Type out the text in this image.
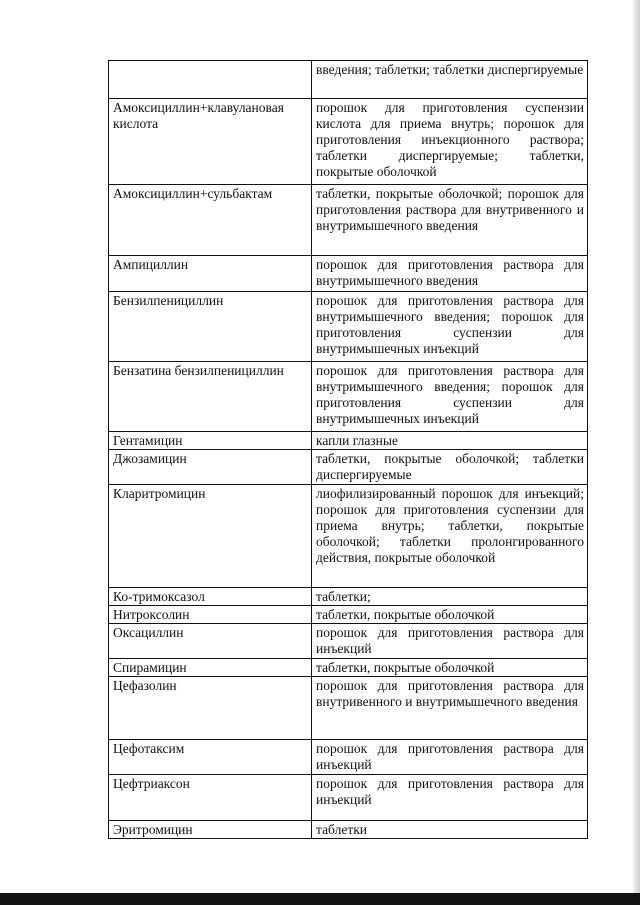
	введения; таблетки; таблетки диспергируемые
Амоксициллин+клавулановая кислота	порошок для приготовления суспензии кислота для приема внутрь; порошок для приготовления инъекционного раствора; таблетки диспергируемые; таблетки, покрытые оболочкой
Амоксициллин+сульбактам	таблетки, покрытые оболочкой; порошок для приготовления раствора для внутривенного и внутримышечного введения
Ампициллин	порошок для приготовления раствора для внутримышечного введения
Бензилпенициллин	порошок для приготовления раствора для внутримышечного введения; порошок для приготовления суспензии для внутримышечных инъекций
Бензатина бензилпенициллин	порошок для приготовления раствора для внутримышечного введения; порошок для приготовления суспензии для внутримышечных инъекций
Гентамицин	капли глазные
Джозамицин	таблетки, покрытые оболочкой; таблетки диспергируемые
Кларитромицин	лиофилизированный порошок для инъекций; порошок для приготовления суспензии для приема внутрь; таблетки, покрытые оболочкой; таблетки пролонгированного действия, покрытые оболочкой
Ко-тримоксазол	таблетки;
Нитроксолин	таблетки, покрытые оболочкой
Оксациллин	порошок для приготовления раствора для инъекций
Спирамицин	таблетки, покрытые оболочкой
Цефазолин	порошок для приготовления раствора для внутривенного и внутримышечного введения
Цефотаксим	порошок для приготовления раствора для инъекций
Цефтриаксон	порошок для приготовления раствора для инъекций
Эритромицин	таблетки
